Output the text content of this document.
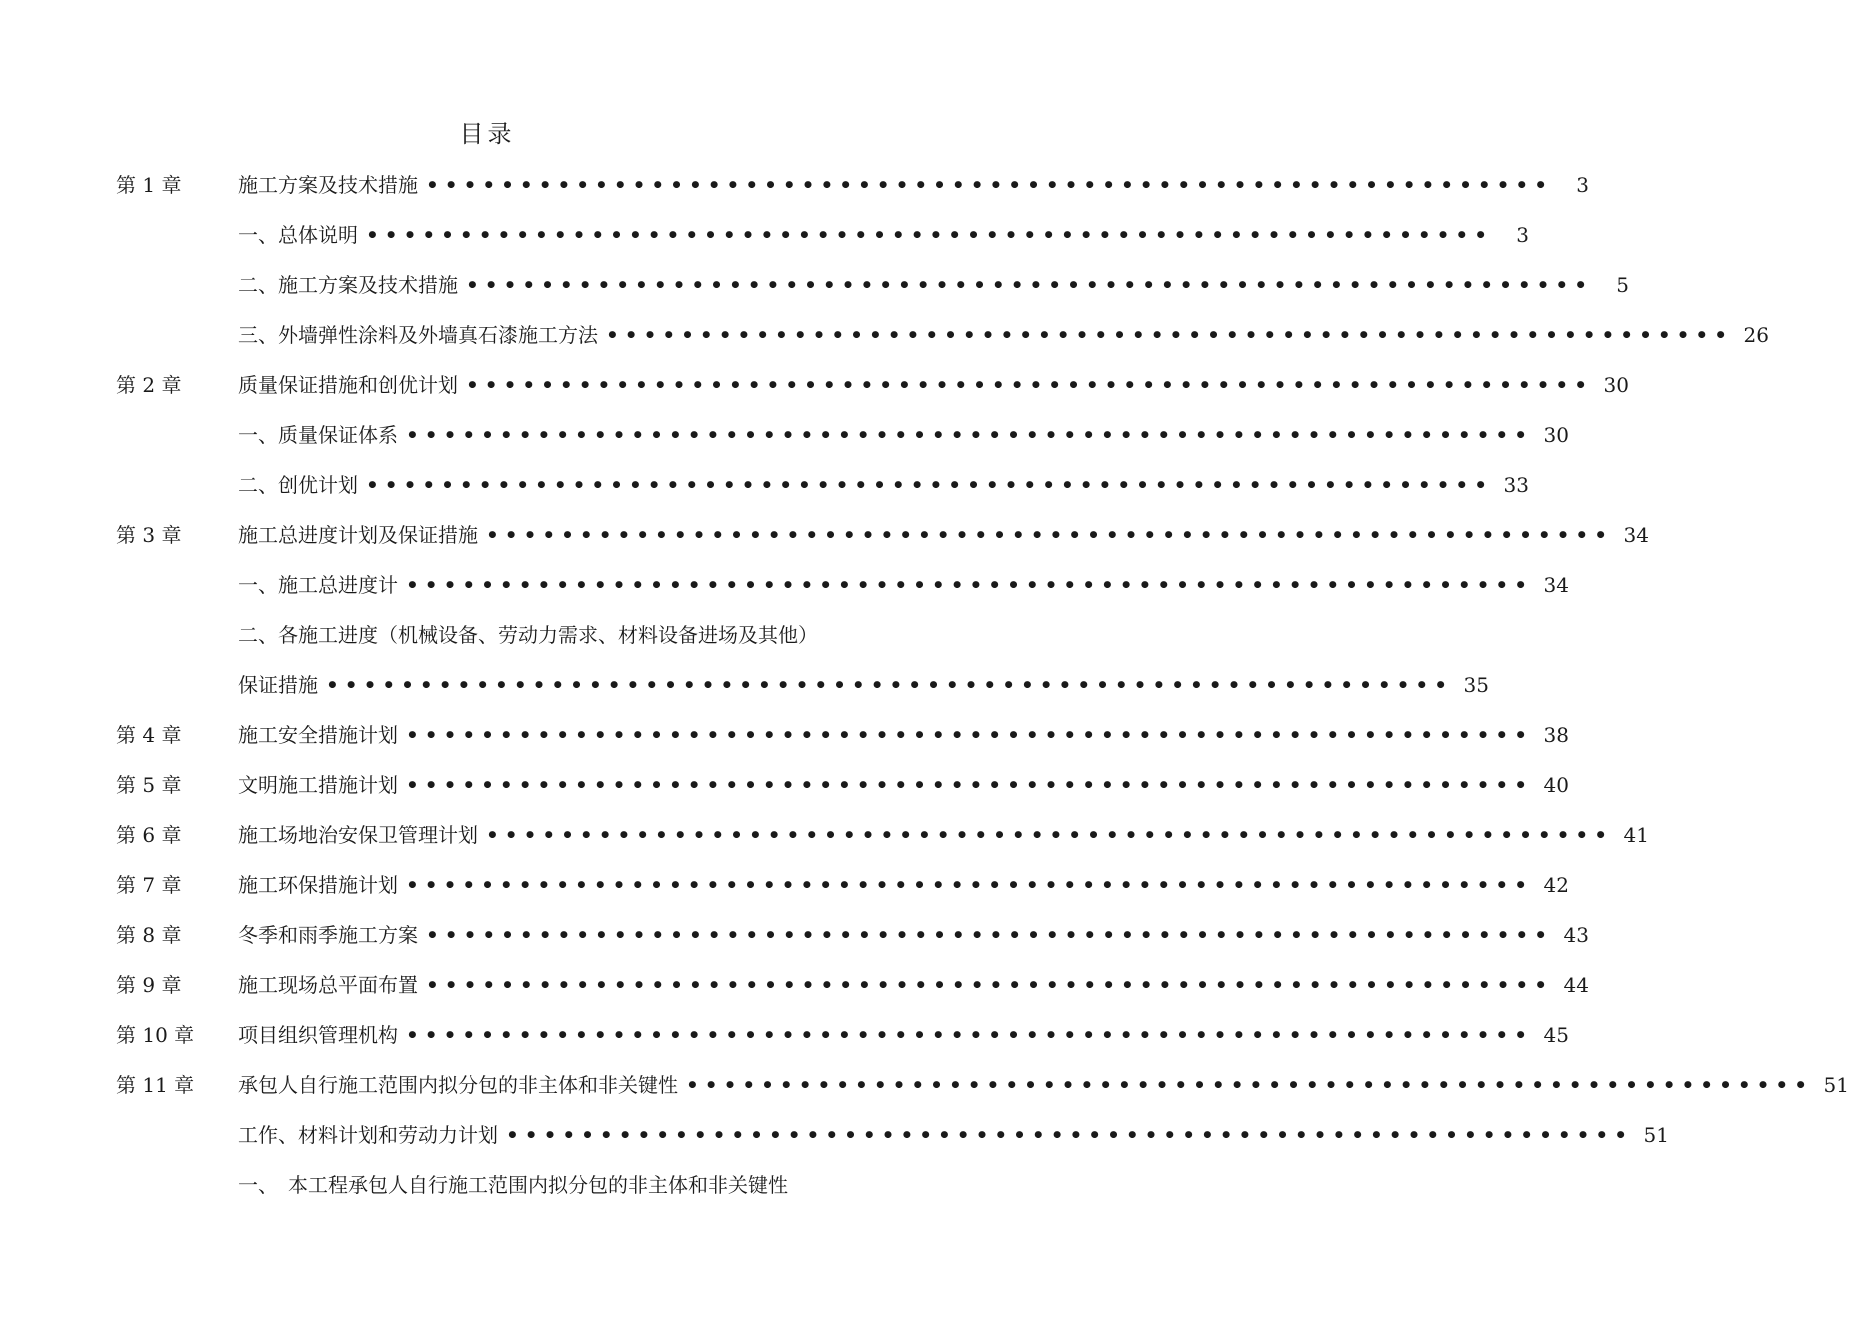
目录
第 1 章	施工方案及技术措施 ••••••••••••••••••••••••••••••••••••••••••••••••••••••••••••	3
一、总体说明 ••••••••••••••••••••••••••••••••••••••••••••••••••••••••••••	3
二、施工方案及技术措施 ••••••••••••••••••••••••••••••••••••••••••••••••••••••••••••	5
三、外墙弹性涂料及外墙真石漆施工方法 •••••••••••••••••••••••••••••••••••••••••••••••••••••••••••• 26
第 2 章	质量保证措施和创优计划 •••••••••••••••••••••••••••••••••••••••••••••••••••••••••••• 30
一、质量保证体系 •••••••••••••••••••••••••••••••••••••••••••••••••••••••••••• 30
二、创优计划 •••••••••••••••••••••••••••••••••••••••••••••••••••••••••••• 33
第 3 章	施工总进度计划及保证措施 •••••••••••••••••••••••••••••••••••••••••••••••••••••••••••• 34
一、施工总进度计 •••••••••••••••••••••••••••••••••••••••••••••••••••••••••••• 34
二、各施工进度（机械设备、劳动力需求、材料设备进场及其他）
保证措施 •••••••••••••••••••••••••••••••••••••••••••••••••••••••••••• 35
第 4 章	施工安全措施计划 •••••••••••••••••••••••••••••••••••••••••••••••••••••••••••• 38
第 5 章	文明施工措施计划 •••••••••••••••••••••••••••••••••••••••••••••••••••••••••••• 40
第 6 章	施工场地治安保卫管理计划 •••••••••••••••••••••••••••••••••••••••••••••••••••••••••••• 41
第 7 章	施工环保措施计划 •••••••••••••••••••••••••••••••••••••••••••••••••••••••••••• 42
第 8 章	冬季和雨季施工方案 •••••••••••••••••••••••••••••••••••••••••••••••••••••••••••• 43
第 9 章	施工现场总平面布置 •••••••••••••••••••••••••••••••••••••••••••••••••••••••••••• 44
第 10 章 项目组织管理机构 •••••••••••••••••••••••••••••••••••••••••••••••••••••••••••• 45
第 11 章 承包人自行施工范围内拟分包的非主体和非关键性 •••••••••••••••••••••••••••••••••••••••••••••••••••••••••••• 51
工作、材料计划和劳动力计划 •••••••••••••••••••••••••••••••••••••••••••••••••••••••••••• 51
一、　本工程承包人自行施工范围内拟分包的非主体和非关键性
